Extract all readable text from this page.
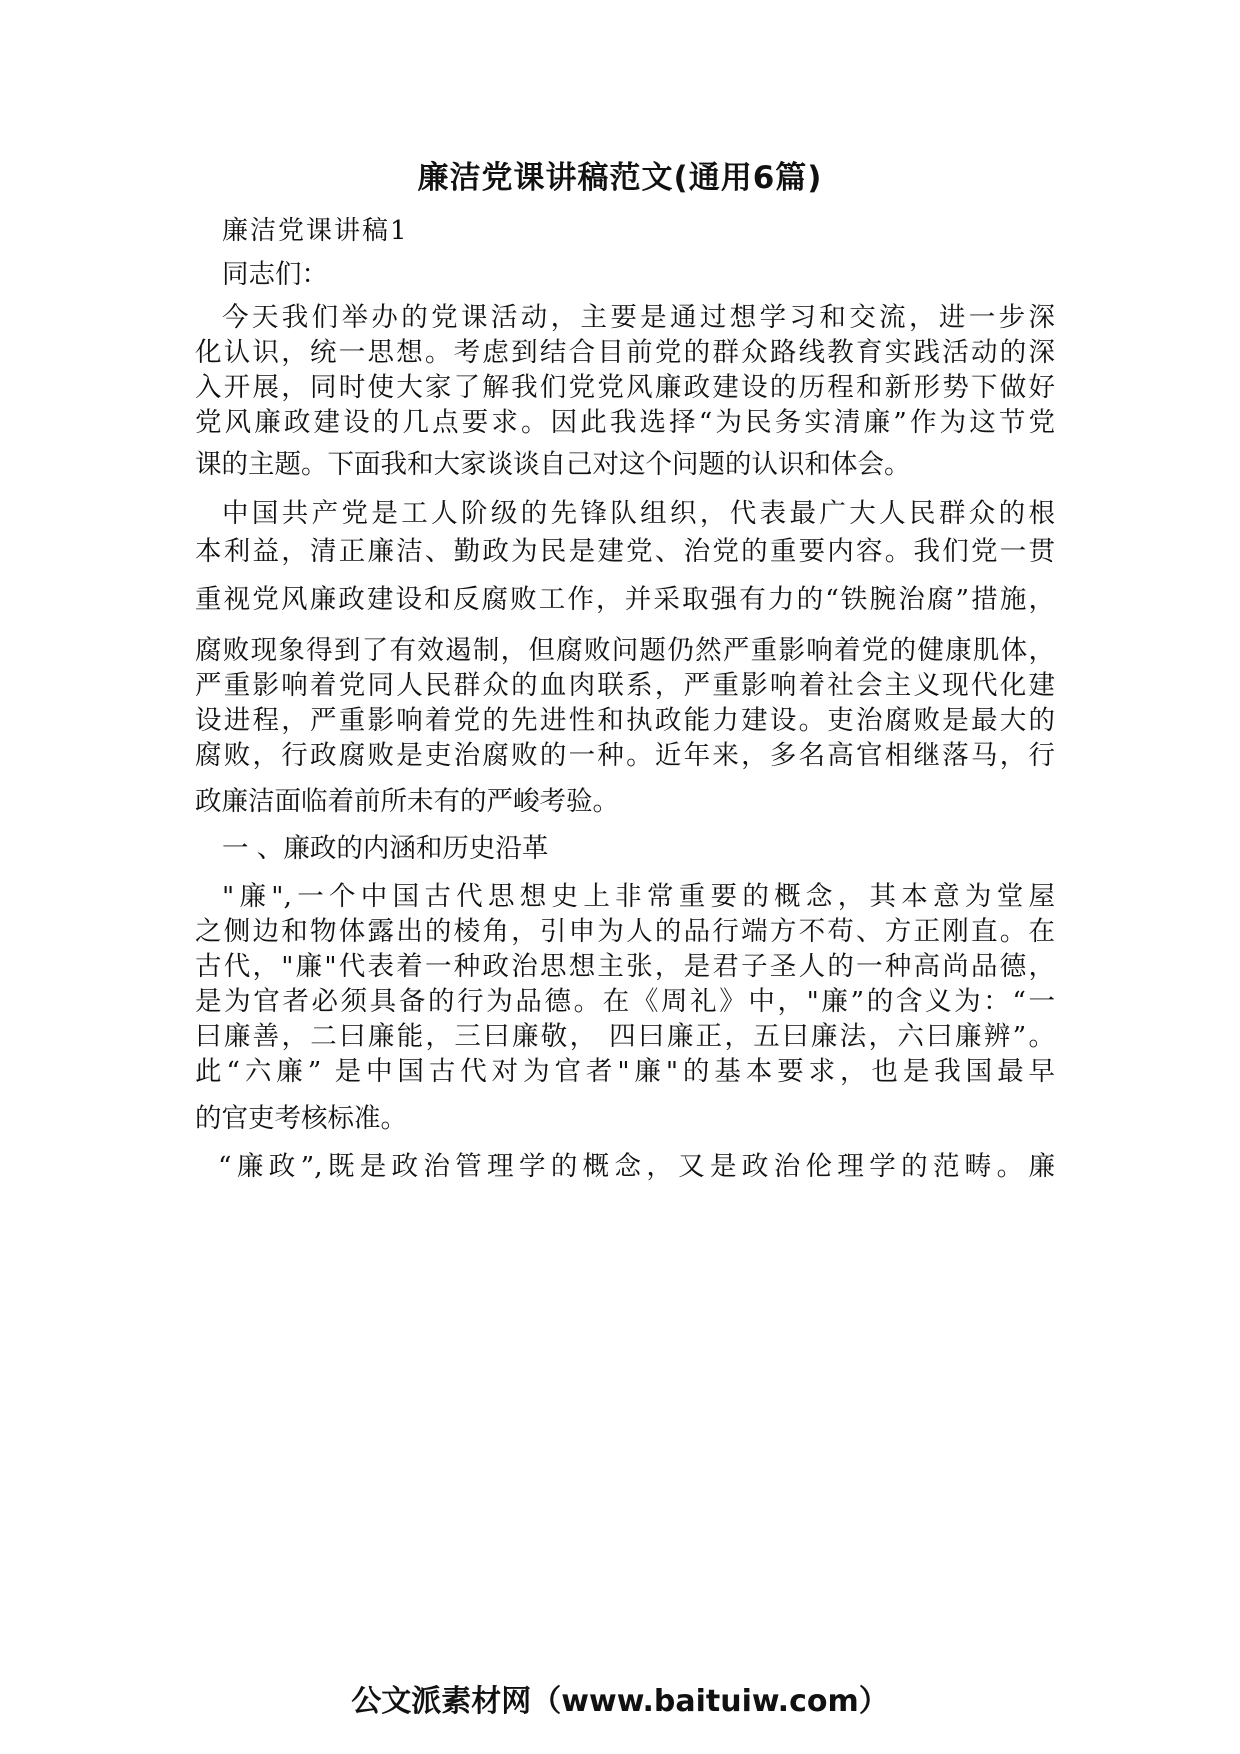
廉洁党课讲稿范文(通用6篇)
廉洁党课讲稿1
同志们：
今天我们举办的党课活动，主要是通过想学习和交流，进一步深
化认识，统一思想。考虑到结合目前党的群众路线教育实践活动的深
入开展，同时使大家了解我们党党风廉政建设的历程和新形势下做好
党风廉政建设的几点要求。因此我选择“为民务实清廉”作为这节党
课的主题。下面我和大家谈谈自己对这个问题的认识和体会。
中国共产党是工人阶级的先锋队组织，代表最广大人民群众的根
本利益，清正廉洁、勤政为民是建党、治党的重要内容。我们党一贯
重视党风廉政建设和反腐败工作，并采取强有力的“铁腕治腐”措施，
腐败现象得到了有效遏制，但腐败问题仍然严重影响着党的健康肌体，
严重影响着党同人民群众的血肉联系，严重影响着社会主义现代化建
设进程，严重影响着党的先进性和执政能力建设。吏治腐败是最大的
腐败，行政腐败是吏治腐败的一种。近年来，多名高官相继落马，行
政廉洁面临着前所未有的严峻考验。
一 、廉政的内涵和历史沿革
"廉",一个中国古代思想史上非常重要的概念，其本意为堂屋
之侧边和物体露出的棱角，引申为人的品行端方不苟、方正刚直。在
古代，"廉"代表着一种政治思想主张，是君子圣人的一种高尚品德，
是为官者必须具备的行为品德。在《周礼》中，"廉”的含义为：“一
曰廉善，二曰廉能，三曰廉敬， 四曰廉正，五曰廉法，六曰廉辨”。
此“六廉” 是中国古代对为官者"廉"的基本要求，也是我国最早
的官吏考核标准。
“廉政”,既是政治管理学的概念，又是政治伦理学的范畴。廉
公文派素材网（www.baituiw.com）
